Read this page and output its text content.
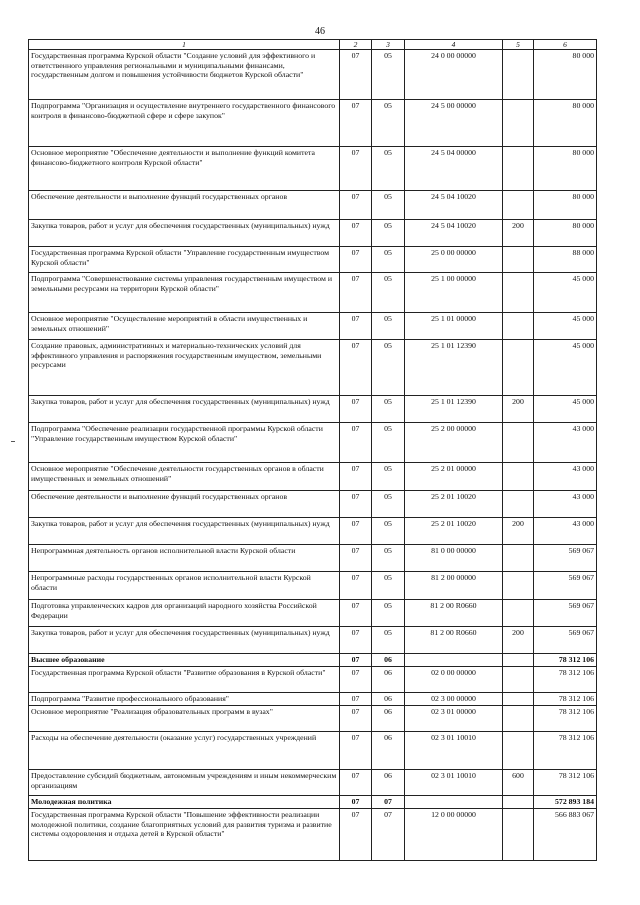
46
1	2	3	4	5	6
Государственная программа Курской области "Создание условий для эффективного и ответственного управления региональными и муниципальными финансами, государственным долгом и повышения устойчивости бюджетов Курской области"	07	05	24 0 00 00000		80 000
Подпрограмма "Организация и осуществление внутреннего государственного финансового контроля в финансово-бюджетной сфере и сфере закупок"	07	05	24 5 00 00000		80 000
Основное мероприятие "Обеспечение деятельности и выполнение функций комитета финансово-бюджетного контроля Курской области"	07	05	24 5 04 00000		80 000
Обеспечение деятельности и выполнение функций государственных органов	07	05	24 5 04 10020		80 000
Закупка товаров, работ и услуг для обеспечения государственных (муниципальных) нужд	07	05	24 5 04 10020	200	80 000
Государственная программа Курской области "Управление государственным имуществом Курской области"	07	05	25 0 00 00000		88 000
Подпрограмма "Совершенствование системы управления государственным имуществом и земельными ресурсами на территории Курской области"	07	05	25 1 00 00000		45 000
Основное мероприятие "Осуществление мероприятий в области имущественных и земельных отношений"	07	05	25 1 01 00000		45 000
Создание правовых, административных и материально-технических условий для эффективного управления и распоряжения государственным имуществом, земельными ресурсами	07	05	25 1 01 12390		45 000
Закупка товаров, работ и услуг для обеспечения государственных (муниципальных) нужд	07	05	25 1 01 12390	200	45 000
Подпрограмма "Обеспечение реализации государственной программы Курской области "Управление государственным имуществом Курской области"	07	05	25 2 00 00000		43 000
Основное мероприятие "Обеспечение деятельности государственных органов в области имущественных и земельных отношений"	07	05	25 2 01 00000		43 000
Обеспечение деятельности и выполнение функций государственных органов	07	05	25 2 01 10020		43 000
Закупка товаров, работ и услуг для обеспечения государственных (муниципальных) нужд	07	05	25 2 01 10020	200	43 000
Непрограммная деятельность органов исполнительной власти Курской области	07	05	81 0 00 00000		569 067
Непрограммные расходы государственных органов исполнительной власти Курской области	07	05	81 2 00 00000		569 067
Подготовка управленческих кадров для организаций народного хозяйства Российской Федерации	07	05	81 2 00 R0660		569 067
Закупка товаров, работ и услуг для обеспечения государственных (муниципальных) нужд	07	05	81 2 00 R0660	200	569 067
Высшее образование	07	06			78 312 106
Государственная программа Курской области "Развитие образования в Курской области"	07	06	02 0 00 00000		78 312 106
Подпрограмма "Развитие профессионального образования"	07	06	02 3 00 00000		78 312 106
Основное мероприятие "Реализация образовательных программ в вузах"	07	06	02 3 01 00000		78 312 106
Расходы на обеспечение деятельности (оказание услуг) государственных учреждений	07	06	02 3 01 10010		78 312 106
Предоставление субсидий бюджетным, автономным учреждениям и иным некоммерческим организациям	07	06	02 3 01 10010	600	78 312 106
Молодежная политика	07	07			572 893 184
Государственная программа Курской области "Повышение эффективности реализации молодежной политики, создание благоприятных условий для развития туризма и развитие системы оздоровления и отдыха детей в Курской области"	07	07	12 0 00 00000		566 883 067
